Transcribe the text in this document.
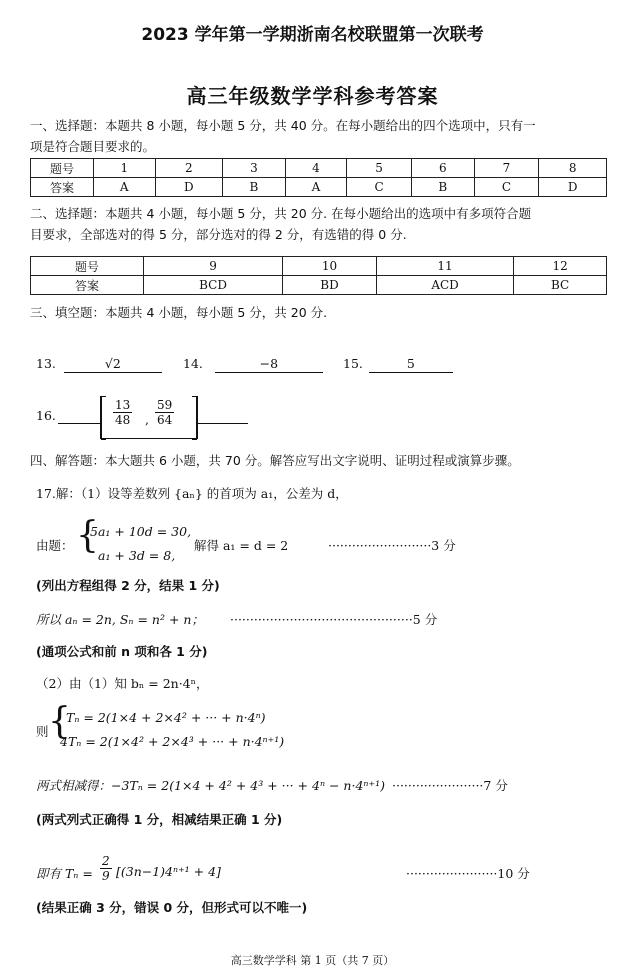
2023 学年第一学期浙南名校联盟第一次联考
高三年级数学学科参考答案
一、选择题：本题共 8 小题，每小题 5 分，共 40 分。在每小题给出的四个选项中，只有一
项是符合题目要求的。
题号	1	2	3	4	5	6	7	8
答案	A	D	B	A	C	B	C	D
二、选择题：本题共 4 小题，每小题 5 分，共 20 分. 在每小题给出的选项中有多项符合题
目要求，全部选对的得 5 分，部分选对的得 2 分，有选错的得 0 分.
题号	9	10	11	12
答案	BCD	BD	ACD	BC
三、填空题：本题共 4 小题，每小题 5 分，共 20 分.
13.	√2	14.	−8	15.	5
16.	$\frac{13}{48}$ , $\frac{59}{64}$
四、解答题：本大题共 6 小题，共 70 分。解答应写出文字说明、证明过程或演算步骤。
17.解：（1）设等差数列 {aₙ} 的首项为 a₁，公差为 d，
由题： {
5a₁ + 10d = 30,
a₁ + 3d = 8,
解得 a₁ = d = 2	··························3 分
(列出方程组得 2 分，结果 1 分)
所以 aₙ = 2n, Sₙ = n² + n； ··············································5 分
(通项公式和前 n 项和各 1 分)
（2）由（1）知 bₙ = 2n·4ⁿ，
则 {
Tₙ = 2(1×4 + 2×4² + ··· + n·4ⁿ)
4Tₙ = 2(1×4² + 2×4³ + ··· + n·4ⁿ⁺¹)
两式相减得：−3Tₙ = 2(1×4 + 4² + 4³ + ··· + 4ⁿ − n·4ⁿ⁺¹) ·······················7 分
(两式列式正确得 1 分，相减结果正确 1 分)
即有 $T_n = \frac{2}{9} [(3n-1)4^{n+1} + 4]$	·······················10 分
(结果正确 3 分，错误 0 分，但形式可以不唯一)
高三数学学科 第 1 页（共 7 页）
